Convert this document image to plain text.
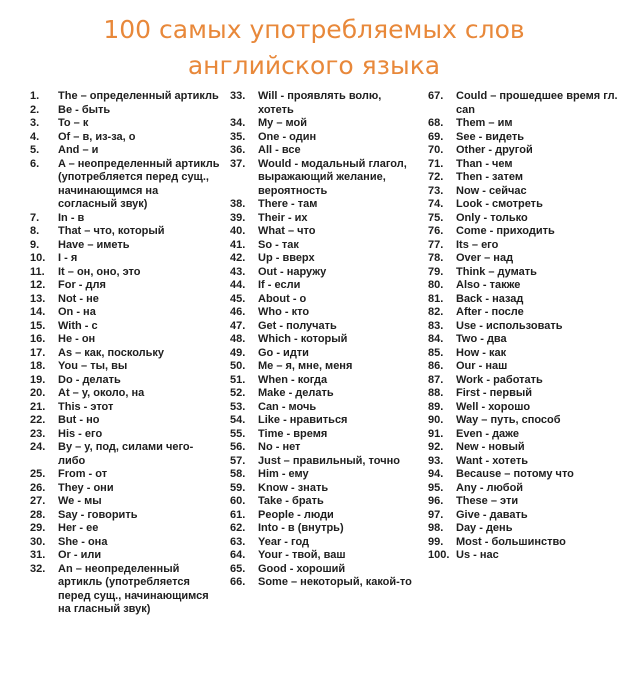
100 самых употребляемых слов
английского языка
1.	The – определенный артикль
2.	Be - быть
3.	To – к
4.	Of – в, из-за, о
5.	And – и
6.	A – неопределенный артикль (употребляется перед сущ., начинающимся на согласный звук)
7.	In - в
8.	That – что, который
9.	Have – иметь
10.	I - я
11.	It – он, оно, это
12.	For - для
13.	Not - не
14.	On - на
15.	With - с
16.	He - он
17.	As – как, поскольку
18.	You – ты, вы
19.	Do - делать
20.	At – у, около, на
21.	This - этот
22.	But - но
23.	His - его
24.	By – у, под, силами чего-либо
25.	From - от
26.	They - они
27.	We - мы
28.	Say - говорить
29.	Her - ее
30.	She - она
31.	Or - или
32.	An – неопределенный артикль (употребляется перед сущ., начинающимся на гласный звук)
33.	Will - проявлять волю, хотеть
34.	My – мой
35.	One - один
36.	All - все
37.	Would - модальный глагол, выражающий желание, вероятность
38.	There - там
39.	Their - их
40.	What – что
41.	So - так
42.	Up - вверх
43.	Out - наружу
44.	If - если
45.	About - о
46.	Who - кто
47.	Get - получать
48.	Which - который
49.	Go - идти
50.	Me – я, мне, меня
51.	When - когда
52.	Make - делать
53.	Can - мочь
54.	Like - нравиться
55.	Time - время
56.	No - нет
57.	Just – правильный, точно
58.	Him - ему
59.	Know - знать
60.	Take - брать
61.	People - люди
62.	Into - в (внутрь)
63.	Year - год
64.	Your - твой, ваш
65.	Good - хороший
66.	Some – некоторый, какой-то
67.	Could – прошедшее время гл. can
68.	Them – им
69.	See - видеть
70.	Other - другой
71.	Than - чем
72.	Then - затем
73.	Now - сейчас
74.	Look - смотреть
75.	Only - только
76.	Come - приходить
77.	Its – его
78.	Over – над
79.	Think – думать
80.	Also - также
81.	Back - назад
82.	After - после
83.	Use - использовать
84.	Two - два
85.	How - как
86.	Our - наш
87.	Work - работать
88.	First - первый
89.	Well - хорошо
90.	Way – путь, способ
91.	Even - даже
92.	New - новый
93.	Want - хотеть
94.	Because – потому что
95.	Any - любой
96.	These – эти
97.	Give - давать
98.	Day - день
99.	Most - большинство
100. Us - нас
